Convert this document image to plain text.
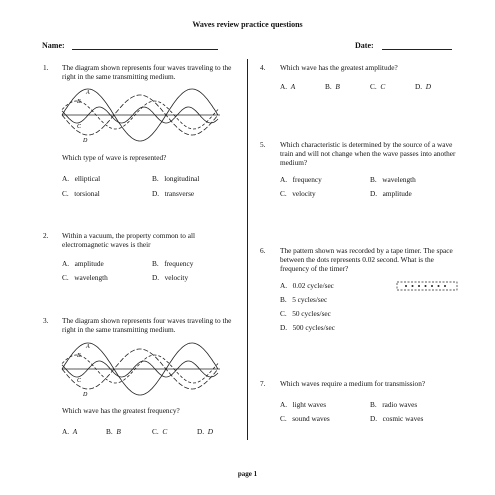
Waves review practice questions
Name:	Date:
1.	The diagram shown represents four waves traveling to the right in the same transmitting medium.
A
B
C
D
Which type of wave is represented?
A. elliptical	B. longitudinal
C. torsional	D. transverse
2.	Within a vacuum, the property common to all electromagnetic waves is their
A. amplitude	B. frequency
C. wavelength	D. velocity
3.	The diagram shown represents four waves traveling to the right in the same transmitting medium.
A
B
C
D
Which wave has the greatest frequency?
A. A	B. B	C. C	D. D
4.	Which wave has the greatest amplitude?
A. A	B. B	C. C	D. D
5.	Which characteristic is determined by the source of a wave train and will not change when the wave passes into another medium?
A. frequency	B. wavelength
C. velocity	D. amplitude
6.	The pattern shown was recorded by a tape timer. The space between the dots represents 0.02 second. What is the frequency of the timer?
A. 0.02 cycle/sec
B. 5 cycles/sec
C. 50 cycles/sec
D. 500 cycles/sec
7.	Which waves require a medium for transmission?
A. light waves	B. radio waves
C. sound waves	D. cosmic waves
page 1
